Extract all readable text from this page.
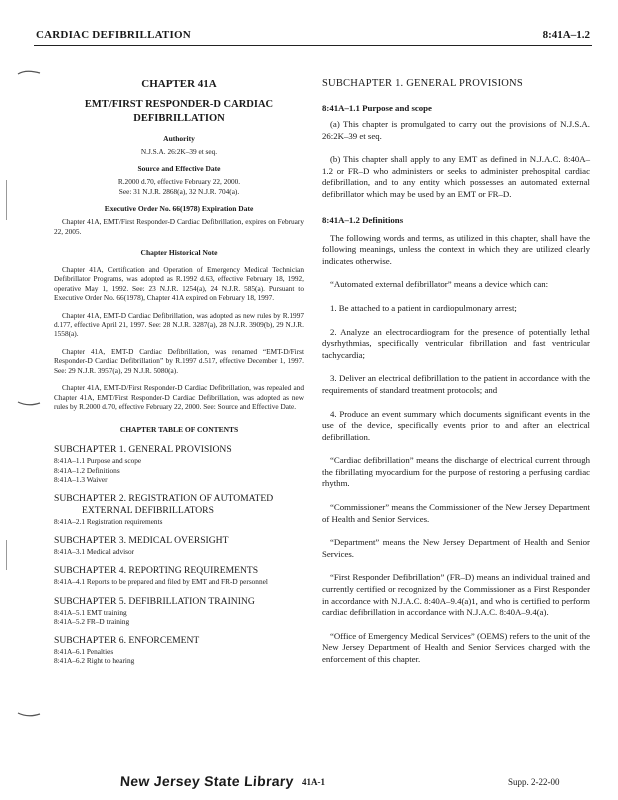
CARDIAC DEFIBRILLATION	8:41A–1.2

CHAPTER 41A

EMT/FIRST RESPONDER-D CARDIAC DEFIBRILLATION

Authority

N.J.S.A. 26:2K–39 et seq.

Source and Effective Date

R.2000 d.70, effective February 22, 2000.

See: 31 N.J.R. 2868(a), 32 N.J.R. 704(a).

Executive Order No. 66(1978) Expiration Date

Chapter 41A, EMT/First Responder-D Cardiac Defibrillation, expires on February 22, 2005.

Chapter Historical Note

Chapter 41A, Certification and Operation of Emergency Medical Technician Defibrillator Programs, was adopted as R.1992 d.63, effective February 18, 1992, operative May 1, 1992. See: 23 N.J.R. 1254(a), 24 N.J.R. 585(a). Pursuant to Executive Order No. 66(1978), Chapter 41A expired on February 18, 1997.

Chapter 41A, EMT-D Cardiac Defibrillation, was adopted as new rules by R.1997 d.177, effective April 21, 1997. See: 28 N.J.R. 3287(a), 28 N.J.R. 3909(b), 29 N.J.R. 1558(a).

Chapter 41A, EMT-D Cardiac Defibrillation, was renamed “EMT-D/First Responder-D Cardiac Defibrillation” by R.1997 d.517, effective December 1, 1997. See: 29 N.J.R. 3957(a), 29 N.J.R. 5080(a).

Chapter 41A, EMT-D/First Responder-D Cardiac Defibrillation, was repealed and Chapter 41A, EMT/First Responder-D Cardiac Defibrillation, was adopted as new rules by R.2000 d.70, effective February 22, 2000. See: Source and Effective Date.

CHAPTER TABLE OF CONTENTS

SUBCHAPTER 1. GENERAL PROVISIONS

8:41A–1.1 Purpose and scope

8:41A–1.2 Definitions

8:41A–1.3 Waiver

SUBCHAPTER 2. REGISTRATION OF AUTOMATED

EXTERNAL DEFIBRILLATORS

8:41A–2.1 Registration requirements

SUBCHAPTER 3. MEDICAL OVERSIGHT

8:41A–3.1 Medical advisor

SUBCHAPTER 4. REPORTING REQUIREMENTS

8:41A–4.1 Reports to be prepared and filed by EMT and FR-D personnel

SUBCHAPTER 5. DEFIBRILLATION TRAINING

8:41A–5.1 EMT training

8:41A–5.2 FR–D training

SUBCHAPTER 6. ENFORCEMENT

8:41A–6.1 Penalties

8:41A–6.2 Right to hearing

SUBCHAPTER 1. GENERAL PROVISIONS

8:41A–1.1 Purpose and scope

(a) This chapter is promulgated to carry out the provisions of N.J.S.A. 26:2K–39 et seq.

(b) This chapter shall apply to any EMT as defined in N.J.A.C. 8:40A–1.2 or FR–D who administers or seeks to administer prehospital cardiac defibrillation, and to any entity which possesses an automated external defibrillator which may be used by an EMT or FR–D.

8:41A–1.2 Definitions

The following words and terms, as utilized in this chapter, shall have the following meanings, unless the context in which they are utilized clearly indicates otherwise.

“Automated external defibrillator” means a device which can:

1. Be attached to a patient in cardiopulmonary arrest;

2. Analyze an electrocardiogram for the presence of potentially lethal dysrhythmias, specifically ventricular fibrillation and fast ventricular tachycardia;

3. Deliver an electrical defibrillation to the patient in accordance with the requirements of standard treatment protocols; and

4. Produce an event summary which documents significant events in the use of the device, specifically events prior to and after an electrical defibrillation.

“Cardiac defibrillation” means the discharge of electrical current through the fibrillating myocardium for the purpose of restoring a perfusing cardiac rhythm.

“Commissioner” means the Commissioner of the New Jersey Department of Health and Senior Services.

“Department” means the New Jersey Department of Health and Senior Services.

“First Responder Defibrillation” (FR–D) means an individual trained and currently certified or recognized by the Commissioner as a First Responder in accordance with N.J.A.C. 8:40A–9.4(a)1, and who is certified to perform cardiac defibrillation in accordance with N.J.A.C. 8:40A–9.4(a).

“Office of Emergency Medical Services” (OEMS) refers to the unit of the New Jersey Department of Health and Senior Services charged with the enforcement of this chapter.

New Jersey State Library 41A-1	Supp. 2-22-00
